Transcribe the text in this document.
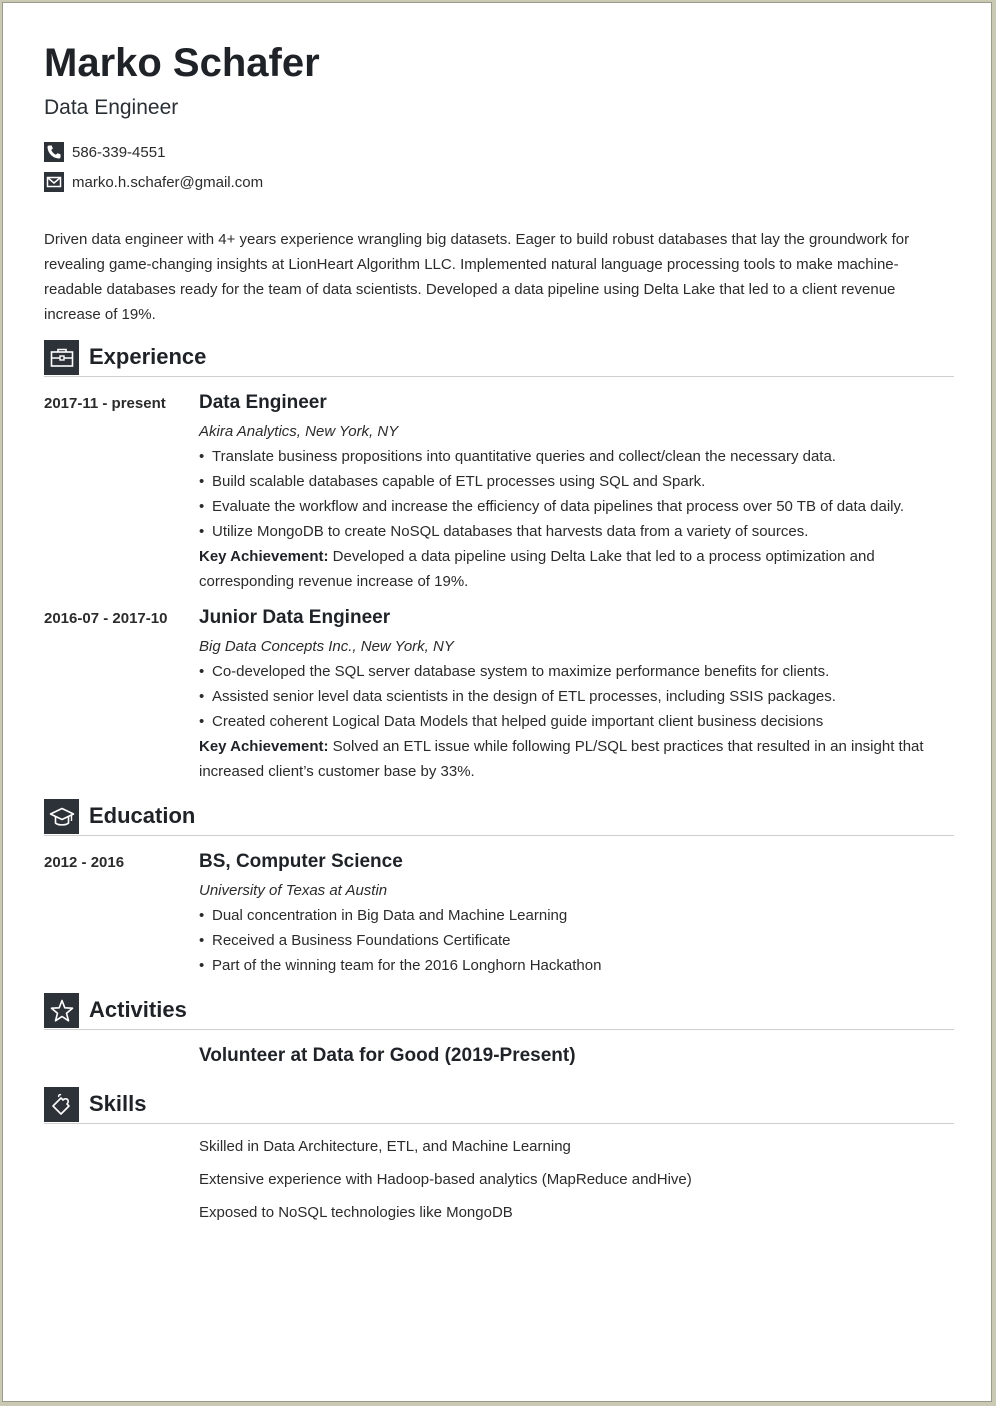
Marko Schafer
Data Engineer
586-339-4551
marko.h.schafer@gmail.com

Driven data engineer with 4+ years experience wrangling big datasets. Eager to build robust databases that lay the groundwork for revealing game-changing insights at LionHeart Algorithm LLC. Implemented natural language processing tools to make machine-readable databases ready for the team of data scientists. Developed a data pipeline using Delta Lake that led to a client revenue increase of 19%.

Experience
2017-11 - present Data Engineer
Akira Analytics, New York, NY
• Translate business propositions into quantitative queries and collect/clean the necessary data.
• Build scalable databases capable of ETL processes using SQL and Spark.
• Evaluate the workflow and increase the efficiency of data pipelines that process over 50 TB of data daily.
• Utilize MongoDB to create NoSQL databases that harvests data from a variety of sources.
Key Achievement: Developed a data pipeline using Delta Lake that led to a process optimization and corresponding revenue increase of 19%.
2016-07 - 2017-10 Junior Data Engineer
Big Data Concepts Inc., New York, NY
• Co-developed the SQL server database system to maximize performance benefits for clients.
• Assisted senior level data scientists in the design of ETL processes, including SSIS packages.
• Created coherent Logical Data Models that helped guide important client business decisions
Key Achievement: Solved an ETL issue while following PL/SQL best practices that resulted in an insight that increased client’s customer base by 33%.
Education
2012 - 2016	BS, Computer Science
University of Texas at Austin
• Dual concentration in Big Data and Machine Learning
• Received a Business Foundations Certificate
• Part of the winning team for the 2016 Longhorn Hackathon
Activities
Volunteer at Data for Good (2019-Present)
Skills
Skilled in Data Architecture, ETL, and Machine Learning
Extensive experience with Hadoop-based analytics (MapReduce andHive)
Exposed to NoSQL technologies like MongoDB
